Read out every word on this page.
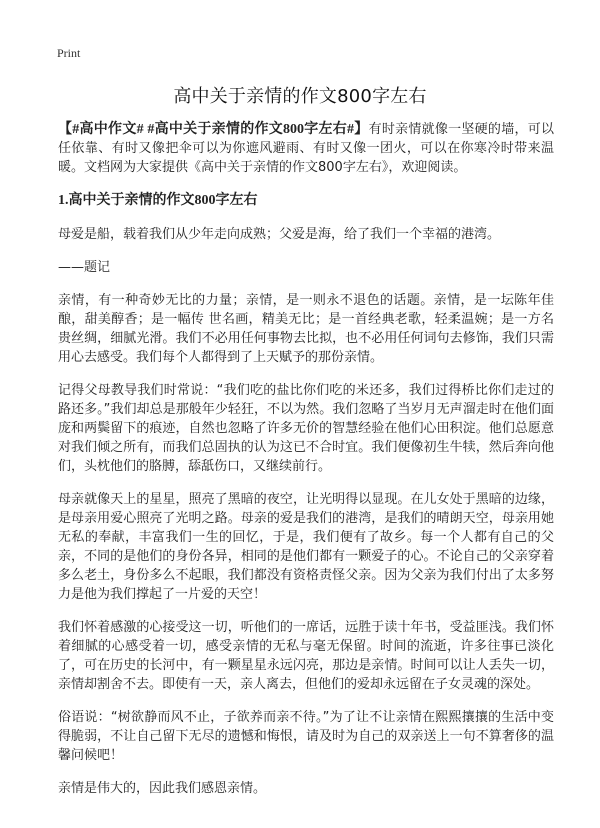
Print
高中关于亲情的作文800字左右

【#高中作文# #高中关于亲情的作文800字左右#】有时亲情就像一坚硬的墙，可以任依靠、有时又像把伞可以为你遮风避雨、有时又像一团火，可以在你寒冷时带来温暖。文档网为大家提供《高中关于亲情的作文800字左右》，欢迎阅读。

1.高中关于亲情的作文800字左右

母爱是船，载着我们从少年走向成熟；父爱是海，给了我们一个幸福的港湾。

——题记

亲情，有一种奇妙无比的力量；亲情，是一则永不退色的话题。亲情，是一坛陈年佳酿，甜美醇香；是一幅传 世名画，精美无比；是一首经典老歌，轻柔温婉；是一方名贵丝绸，细腻光滑。我们不必用任何事物去比拟，也不必用任何词句去修饰，我们只需用心去感受。我们每个人都得到了上天赋予的那份亲情。

记得父母教导我们时常说：“我们吃的盐比你们吃的米还多，我们过得桥比你们走过的路还多。”我们却总是那般年少轻狂，不以为然。我们忽略了当岁月无声溜走时在他们面庞和两鬓留下的痕迹，自然也忽略了许多无价的智慧经验在他们心田积淀。他们总愿意对我们倾之所有，而我们总固执的认为这已不合时宜。我们便像初生牛犊，然后奔向他们，头枕他们的胳膊，舔舐伤口，又继续前行。

母亲就像天上的星星，照亮了黑暗的夜空，让光明得以显现。在儿女处于黑暗的边缘，是母亲用爱心照亮了光明之路。母亲的爱是我们的港湾，是我们的晴朗天空，母亲用她无私的奉献，丰富我们一生的回忆，于是，我们便有了故乡。每一个人都有自己的父亲，不同的是他们的身份各异，相同的是他们都有一颗爱子的心。不论自己的父亲穿着多么老土，身份多么不起眼，我们都没有资格责怪父亲。因为父亲为我们付出了太多努力是他为我们撑起了一片爱的天空！

我们怀着感激的心接受这一切，听他们的一席话，远胜于读十年书，受益匪浅。我们怀着细腻的心感受着一切，感受亲情的无私与毫无保留。时间的流逝，许多往事已淡化了，可在历史的长河中，有一颗星星永远闪亮，那边是亲情。时间可以让人丢失一切，亲情却割舍不去。即使有一天，亲人离去，但他们的爱却永远留在子女灵魂的深处。

俗语说：“树欲静而风不止，子欲养而亲不待。”为了让不让亲情在熙熙攘攘的生活中变得脆弱，不让自己留下无尽的遗憾和悔恨，请及时为自己的双亲送上一句不算奢侈的温馨问候吧！

亲情是伟大的，因此我们感恩亲情。
